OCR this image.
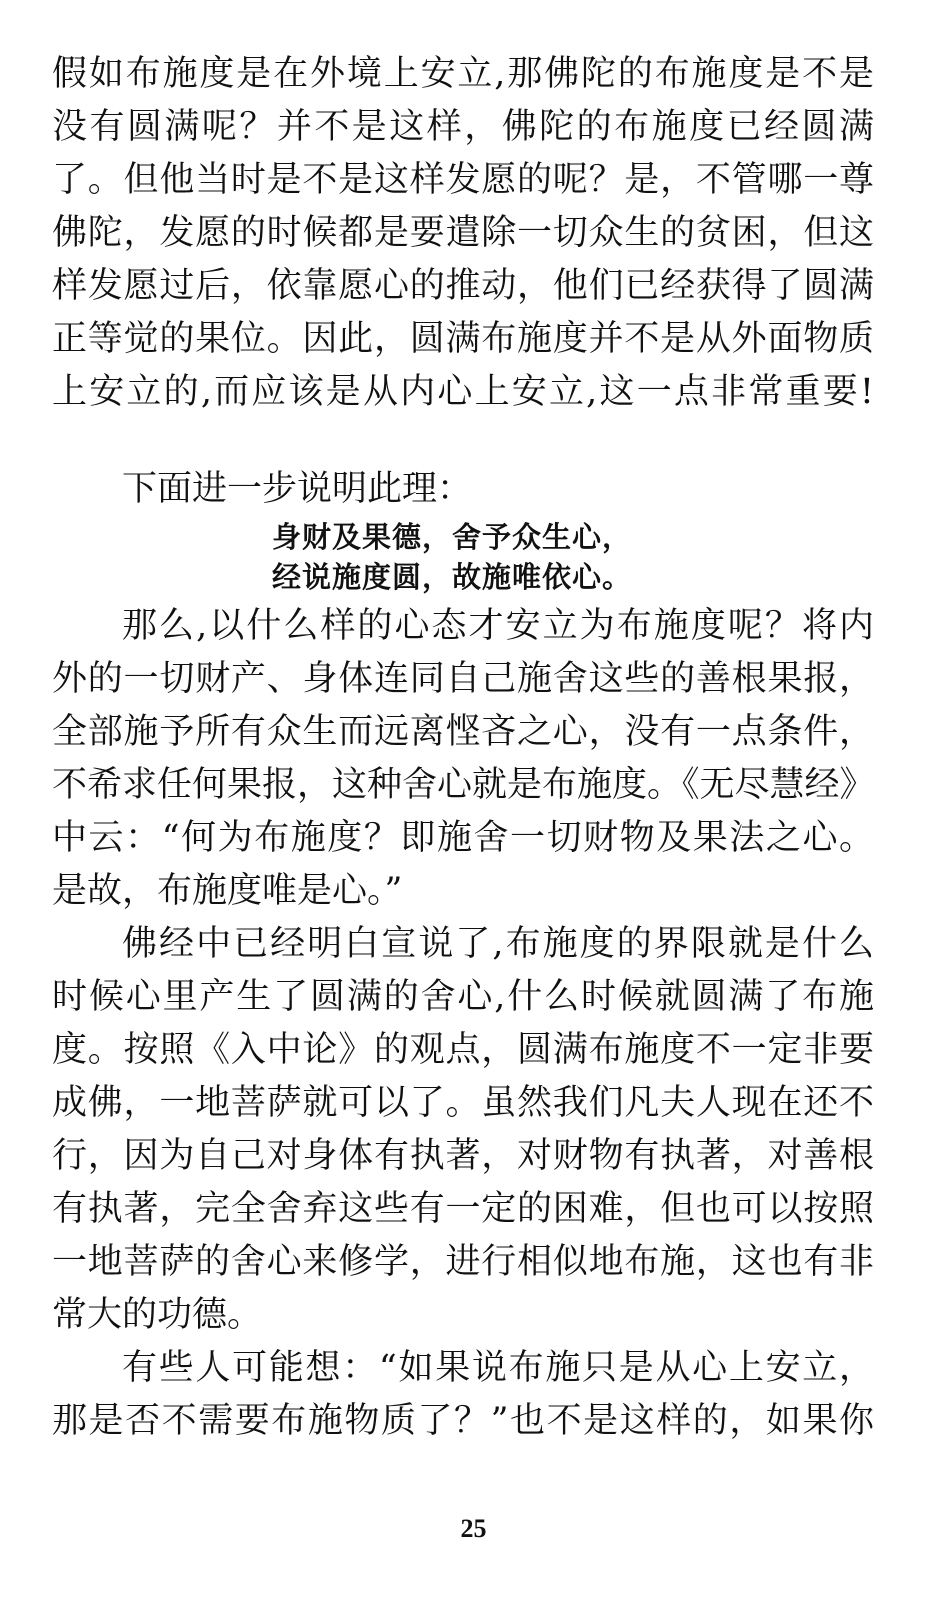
假如布施度是在外境上安立,那佛陀的布施度是不是
没有圆满呢？并不是这样，佛陀的布施度已经圆满
了。但他当时是不是这样发愿的呢？是，不管哪一尊
佛陀，发愿的时候都是要遣除一切众生的贫困，但这
样发愿过后，依靠愿心的推动，他们已经获得了圆满
正等觉的果位。因此，圆满布施度并不是从外面物质
上安立的,而应该是从内心上安立,这一点非常重要!
下面进一步说明此理：
身财及果德，舍予众生心，
经说施度圆，故施唯依心。
那么,以什么样的心态才安立为布施度呢？将内
外的一切财产、身体连同自己施舍这些的善根果报，
全部施予所有众生而远离悭吝之心，没有一点条件，
不希求任何果报，这种舍心就是布施度。《无尽慧经》
中云：“何为布施度？即施舍一切财物及果法之心。
是故，布施度唯是心。”
佛经中已经明白宣说了,布施度的界限就是什么
时候心里产生了圆满的舍心,什么时候就圆满了布施
度。按照《入中论》的观点，圆满布施度不一定非要
成佛，一地菩萨就可以了。虽然我们凡夫人现在还不
行，因为自己对身体有执著，对财物有执著，对善根
有执著，完全舍弃这些有一定的困难，但也可以按照
一地菩萨的舍心来修学，进行相似地布施，这也有非
常大的功德。
有些人可能想：“如果说布施只是从心上安立，
那是否不需要布施物质了？”也不是这样的，如果你
25
